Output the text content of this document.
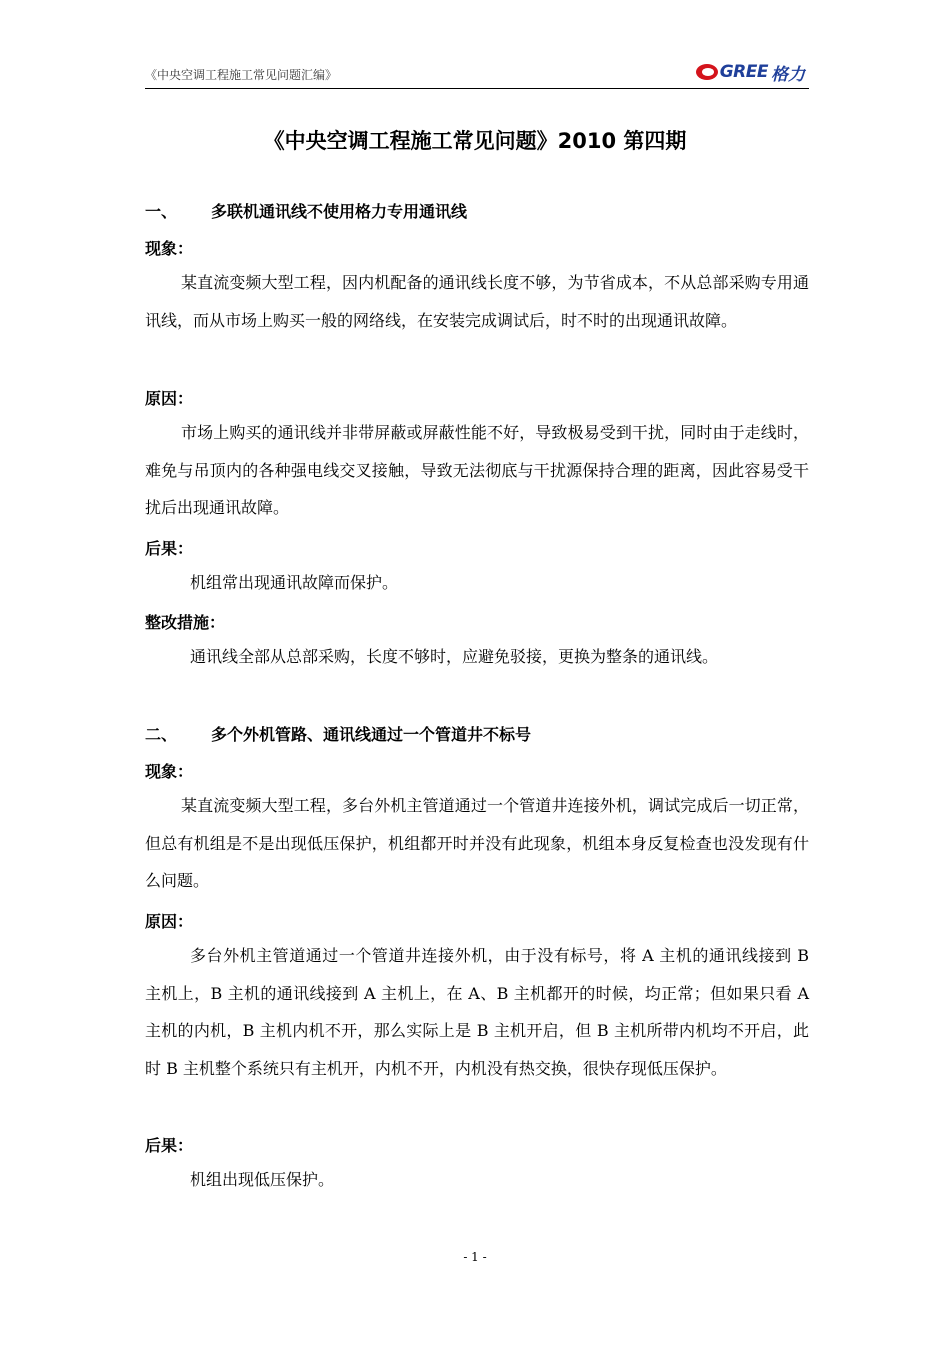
《中央空调工程施工常见问题汇编》	GREE 格力
《中央空调工程施工常见问题》2010 第四期
一、 多联机通讯线不使用格力专用通讯线
现象：
某直流变频大型工程，因内机配备的通讯线长度不够，为节省成本，不从总部采购专用通讯线，而从市场上购买一般的网络线，在安装完成调试后，时不时的出现通讯故障。
原因：
市场上购买的通讯线并非带屏蔽或屏蔽性能不好，导致极易受到干扰，同时由于走线时，难免与吊顶内的各种强电线交叉接触，导致无法彻底与干扰源保持合理的距离，因此容易受干扰后出现通讯故障。
后果：
机组常出现通讯故障而保护。
整改措施：
通讯线全部从总部采购，长度不够时，应避免驳接，更换为整条的通讯线。
二、 多个外机管路、通讯线通过一个管道井不标号
现象：
某直流变频大型工程，多台外机主管道通过一个管道井连接外机，调试完成后一切正常，但总有机组是不是出现低压保护，机组都开时并没有此现象，机组本身反复检查也没发现有什么问题。
原因：
多台外机主管道通过一个管道井连接外机，由于没有标号，将 A 主机的通讯线接到 B 主机上，B 主机的通讯线接到 A 主机上，在 A、B 主机都开的时候，均正常；但如果只看 A 主机的内机，B 主机内机不开，那么实际上是 B 主机开启，但 B 主机所带内机均不开启，此时 B 主机整个系统只有主机开，内机不开，内机没有热交换，很快存现低压保护。
后果：
机组出现低压保护。
- 1 -
